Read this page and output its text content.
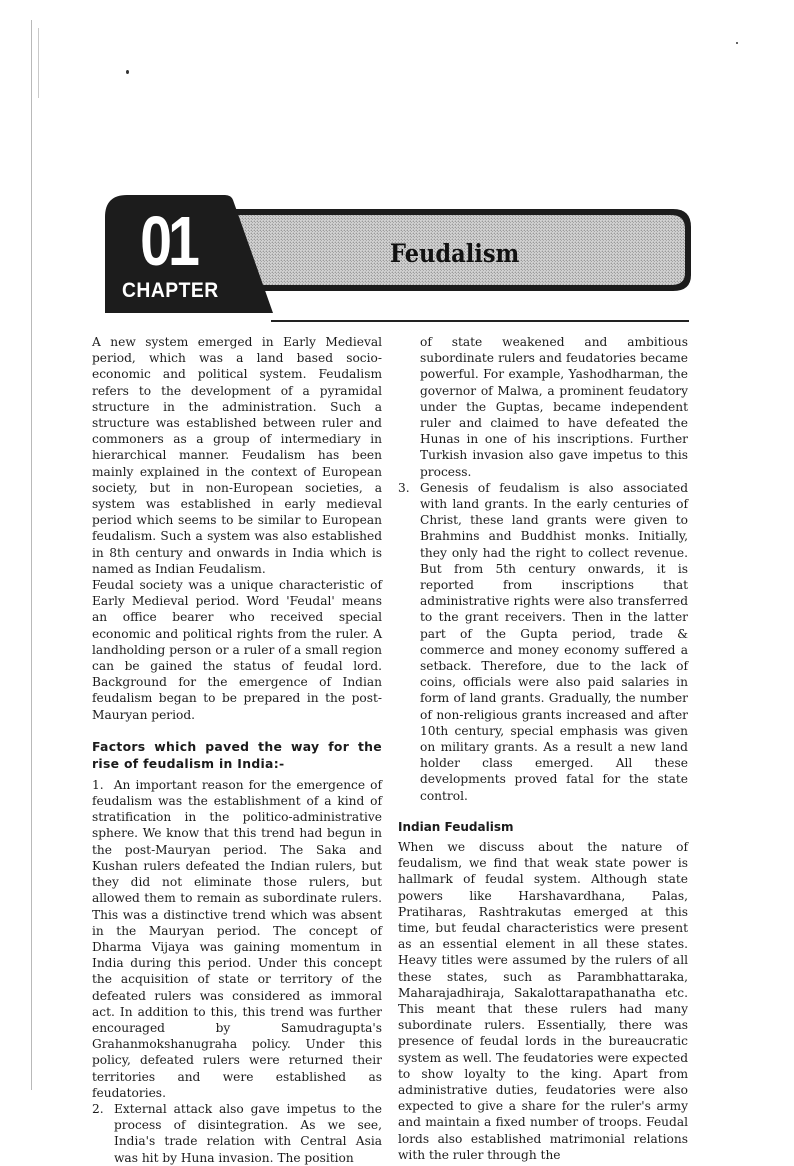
01
CHAPTER
Feudalism

A new system emerged in Early Medieval period, which was a land based socio-economic and political system. Feudalism refers to the development of a pyramidal structure in the administration. Such a structure was established between ruler and commoners as a group of intermediary in hierarchical manner. Feudalism has been mainly explained in the context of European society, but in non-European societies, a system was established in early medieval period which seems to be similar to European feudalism. Such a system was also established in 8th century and onwards in India which is named as Indian Feudalism.

Feudal society was a unique characteristic of Early Medieval period. Word 'Feudal' means an office bearer who received special economic and political rights from the ruler. A landholding person or a ruler of a small region can be gained the status of feudal lord. Background for the emergence of Indian feudalism began to be prepared in the post-Mauryan period.

Factors which paved the way for the rise of feudalism in India:-

1. An important reason for the emergence of feudalism was the establishment of a kind of stratification in the politico-administrative sphere. We know that this trend had begun in the post-Mauryan period. The Saka and Kushan rulers defeated the Indian rulers, but they did not eliminate those rulers, but allowed them to remain as subordinate rulers. This was a distinctive trend which was absent in the Mauryan period. The concept of Dharma Vijaya was gaining momentum in India during this period. Under this concept the acquisition of state or territory of the defeated rulers was considered as immoral act. In addition to this, this trend was further encouraged by Samudragupta's Grahanmokshanugraha policy. Under this policy, defeated rulers were returned their territories and were established as feudatories.

2. External attack also gave impetus to the process of disintegration. As we see, India's trade relation with Central Asia was hit by Huna invasion. The position
of state weakened and ambitious subordinate rulers and feudatories became powerful. For example, Yashodharman, the governor of Malwa, a prominent feudatory under the Guptas, became independent ruler and claimed to have defeated the Hunas in one of his inscriptions. Further Turkish invasion also gave impetus to this process.
3. Genesis of feudalism is also associated with land grants. In the early centuries of Christ, these land grants were given to Brahmins and Buddhist monks. Initially, they only had the right to collect revenue. But from 5th century onwards, it is reported from inscriptions that administrative rights were also transferred to the grant receivers. Then in the latter part of the Gupta period, trade & commerce and money economy suffered a setback. Therefore, due to the lack of coins, officials were also paid salaries in form of land grants. Gradually, the number of non-religious grants increased and after 10th century, special emphasis was given on military grants. As a result a new land holder class emerged. All these developments proved fatal for the state control.

Indian Feudalism

When we discuss about the nature of feudalism, we find that weak state power is hallmark of feudal system. Although state powers like Harshavardhana, Palas, Pratiharas, Rashtrakutas emerged at this time, but feudal characteristics were present as an essential element in all these states. Heavy titles were assumed by the rulers of all these states, such as Parambhattaraka, Maharajadhiraja, Sakalottarapathanatha etc. This meant that these rulers had many subordinate rulers. Essentially, there was presence of feudal lords in the bureaucratic system as well. The feudatories were expected to show loyalty to the king. Apart from administrative duties, feudatories were also expected to give a share for the ruler's army and maintain a fixed number of troops. Feudal lords also established matrimonial relations with the ruler through the
